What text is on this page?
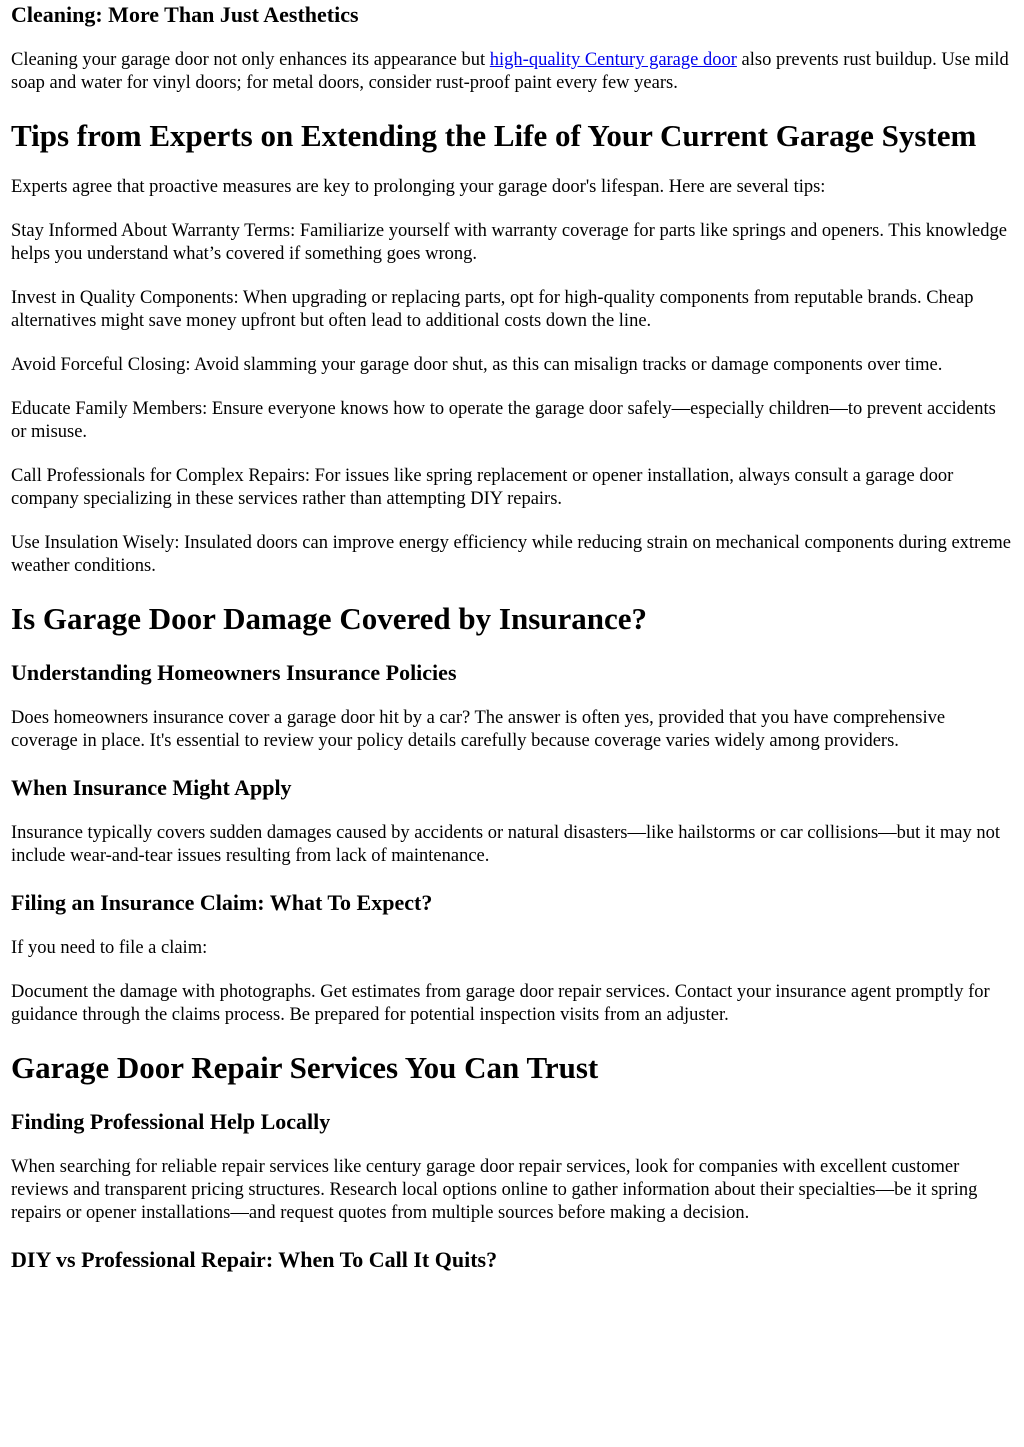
Cleaning: More Than Just Aesthetics

Cleaning your garage door not only enhances its appearance but high-quality Century garage door also prevents rust buildup. Use mild soap and water for vinyl doors; for metal doors, consider rust-proof paint every few years.

Tips from Experts on Extending the Life of Your Current Garage System

Experts agree that proactive measures are key to prolonging your garage door's lifespan. Here are several tips:

Stay Informed About Warranty Terms: Familiarize yourself with warranty coverage for parts like springs and openers. This knowledge helps you understand what’s covered if something goes wrong.

Invest in Quality Components: When upgrading or replacing parts, opt for high-quality components from reputable brands. Cheap alternatives might save money upfront but often lead to additional costs down the line.

Avoid Forceful Closing: Avoid slamming your garage door shut, as this can misalign tracks or damage components over time.

Educate Family Members: Ensure everyone knows how to operate the garage door safely—especially children—to prevent accidents or misuse.

Call Professionals for Complex Repairs: For issues like spring replacement or opener installation, always consult a garage door company specializing in these services rather than attempting DIY repairs.

Use Insulation Wisely: Insulated doors can improve energy efficiency while reducing strain on mechanical components during extreme weather conditions.

Is Garage Door Damage Covered by Insurance?
Understanding Homeowners Insurance Policies

Does homeowners insurance cover a garage door hit by a car? The answer is often yes, provided that you have comprehensive coverage in place. It's essential to review your policy details carefully because coverage varies widely among providers.

When Insurance Might Apply

Insurance typically covers sudden damages caused by accidents or natural disasters—like hailstorms or car collisions—but it may not include wear-and-tear issues resulting from lack of maintenance.

Filing an Insurance Claim: What To Expect?

If you need to file a claim:

Document the damage with photographs. Get estimates from garage door repair services. Contact your insurance agent promptly for guidance through the claims process. Be prepared for potential inspection visits from an adjuster.

Garage Door Repair Services You Can Trust
Finding Professional Help Locally

When searching for reliable repair services like century garage door repair services, look for companies with excellent customer reviews and transparent pricing structures. Research local options online to gather information about their specialties—be it spring repairs or opener installations—and request quotes from multiple sources before making a decision.

DIY vs Professional Repair: When To Call It Quits?
